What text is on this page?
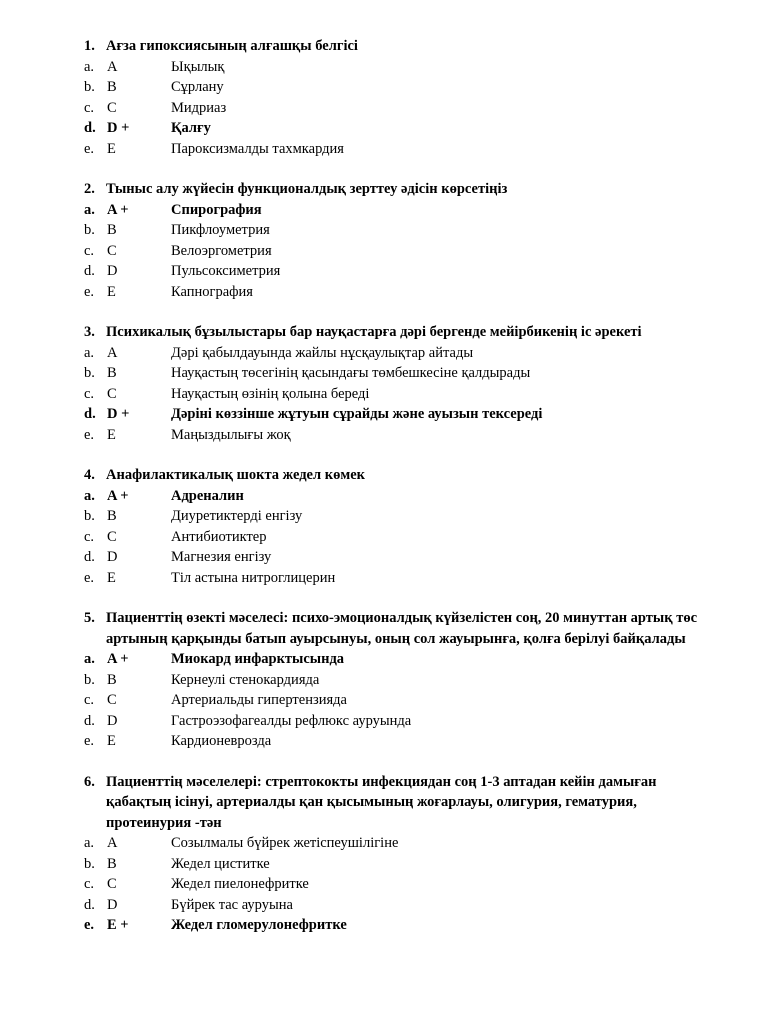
1. Ағза гипоксиясының алғашқы белгісі
a. A	Ықылық
b. B	Сұрлану
c. C	Мидриаз
d. D +	Қалғу
e. E	Пароксизмалды тахмкардия
2. Тыныс алу жүйесін функционалдық зерттеу әдісін көрсетіңіз
a. A +	Спирография
b. B	Пикфлоуметрия
c. C	Велоэргометрия
d. D	Пульсоксиметрия
e. E	Капнография
3. Психикалық бұзылыстары бар науқастарға дәрі бергенде мейірбикенің іс әрекеті
a. A	Дәрі қабылдауында жайлы нұсқаулықтар айтады
b. B	Науқастың төсегінің қасындағы төмбешкесіне қалдырады
c. C	Науқастың өзінің қолына береді
d. D +	Дәріні көззінше жұтуын сұрайды және ауызын тексереді
e. E	Маңыздылығы жоқ
4. Анафилактикалық шокта жедел көмек
a. A +	Адреналин
b. B	Диуретиктерді енгізу
c. C	Антибиотиктер
d. D	Магнезия енгізу
e. E	Тіл астына нитроглицерин
5. Пациенттің өзекті мәселесі: психо-эмоционалдық күйзелістен соң, 20 минуттан артық төс артының қарқынды батып ауырсынуы, оның сол жауырынға, қолға берілуі байқалады
a. A +	Миокард инфарктысында
b. B	Кернеулі стенокардияда
c. C	Артериальды гипертензияда
d. D	Гастроэзофагеалды рефлюкс ауруында
e. E	Кардионеврозда
6. Пациенттің мәселелері: стрептококты инфекциядан соң 1-3 аптадан кейін дамыған қабақтың ісінуі, артериалды қан қысымының жоғарлауы, олигурия, гематурия, протеинурия -тән
a. A	Созылмалы бүйрек жетіспеушілігіне
b. B	Жедел циститке
c. C	Жедел пиелонефритке
d. D	Бүйрек тас ауруына
e. E +	Жедел гломерулонефритке
